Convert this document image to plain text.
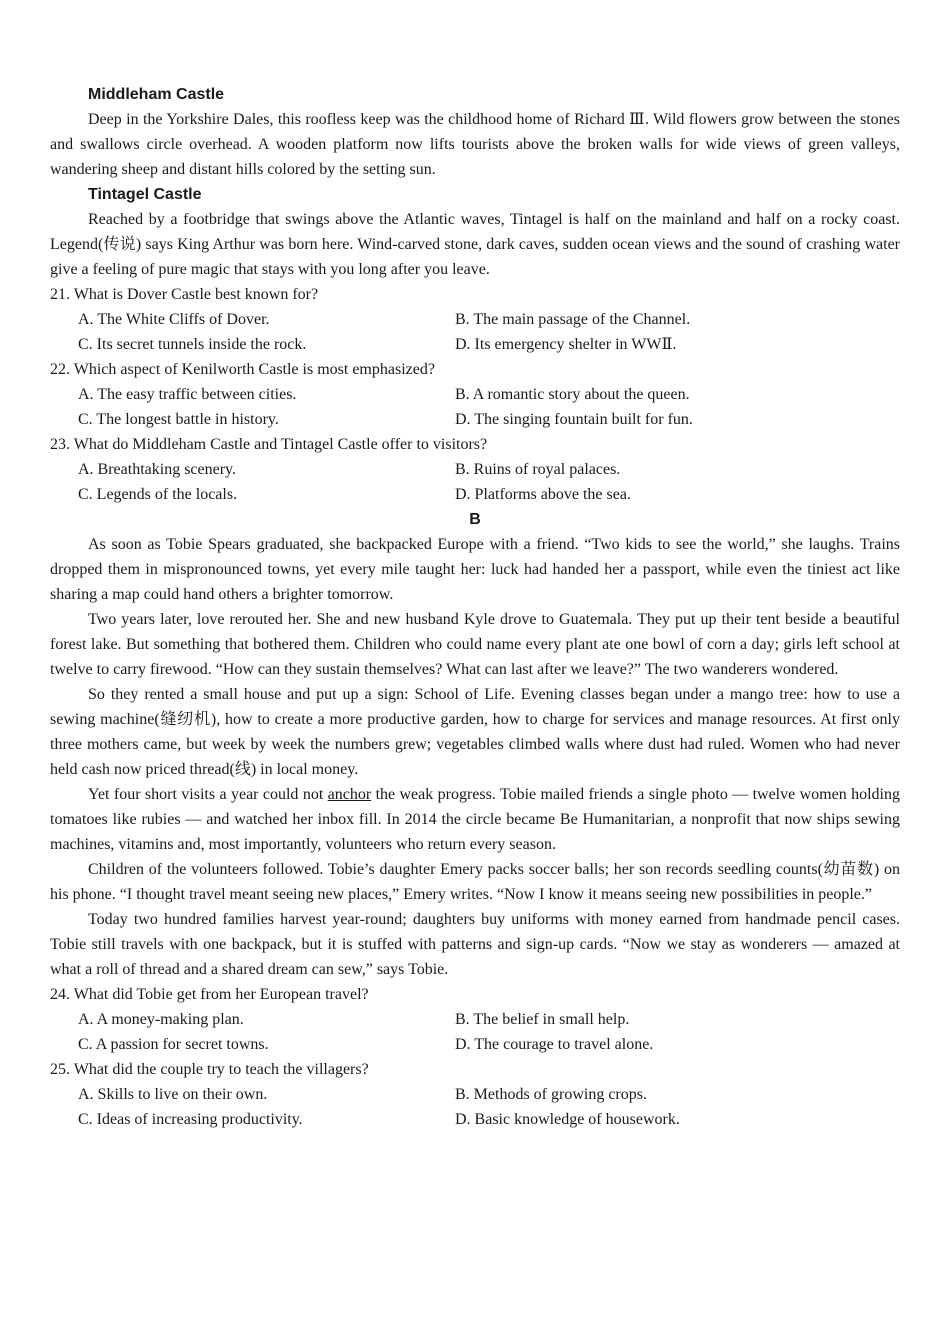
Middleham Castle

Deep in the Yorkshire Dales, this roofless keep was the childhood home of Richard Ⅲ. Wild flowers grow between the stones and swallows circle overhead. A wooden platform now lifts tourists above the broken walls for wide views of green valleys, wandering sheep and distant hills colored by the setting sun.

Tintagel Castle

Reached by a footbridge that swings above the Atlantic waves, Tintagel is half on the mainland and half on a rocky coast. Legend(传说) says King Arthur was born here. Wind-carved stone, dark caves, sudden ocean views and the sound of crashing water give a feeling of pure magic that stays with you long after you leave.

21. What is Dover Castle best known for?
A. The White Cliffs of Dover.	B. The main passage of the Channel.
C. Its secret tunnels inside the rock.	D. Its emergency shelter in WWⅡ.
22. Which aspect of Kenilworth Castle is most emphasized?
A. The easy traffic between cities.	B. A romantic story about the queen.
C. The longest battle in history.	D. The singing fountain built for fun.
23. What do Middleham Castle and Tintagel Castle offer to visitors?
A. Breathtaking scenery.	B. Ruins of royal palaces.
C. Legends of the locals.	D. Platforms above the sea.
B

As soon as Tobie Spears graduated, she backpacked Europe with a friend. “Two kids to see the world,” she laughs. Trains dropped them in mispronounced towns, yet every mile taught her: luck had handed her a passport, while even the tiniest act like sharing a map could hand others a brighter tomorrow.

Two years later, love rerouted her. She and new husband Kyle drove to Guatemala. They put up their tent beside a beautiful forest lake. But something that bothered them. Children who could name every plant ate one bowl of corn a day; girls left school at twelve to carry firewood. “How can they sustain themselves? What can last after we leave?” The two wanderers wondered.

So they rented a small house and put up a sign: School of Life. Evening classes began under a mango tree: how to use a sewing machine(缝纫机), how to create a more productive garden, how to charge for services and manage resources. At first only three mothers came, but week by week the numbers grew; vegetables climbed walls where dust had ruled. Women who had never held cash now priced thread(线) in local money.

Yet four short visits a year could not anchor the weak progress. Tobie mailed friends a single photo — twelve women holding tomatoes like rubies — and watched her inbox fill. In 2014 the circle became Be Humanitarian, a nonprofit that now ships sewing machines, vitamins and, most importantly, volunteers who return every season.

Children of the volunteers followed. Tobie’s daughter Emery packs soccer balls; her son records seedling counts(幼苗数) on his phone. “I thought travel meant seeing new places,” Emery writes. “Now I know it means seeing new possibilities in people.”

Today two hundred families harvest year-round; daughters buy uniforms with money earned from handmade pencil cases. Tobie still travels with one backpack, but it is stuffed with patterns and sign-up cards. “Now we stay as wonderers — amazed at what a roll of thread and a shared dream can sew,” says Tobie.

24. What did Tobie get from her European travel?
A. A money-making plan.	B. The belief in small help.
C. A passion for secret towns.	D. The courage to travel alone.
25. What did the couple try to teach the villagers?
A. Skills to live on their own.	B. Methods of growing crops.
C. Ideas of increasing productivity.	D. Basic knowledge of housework.
